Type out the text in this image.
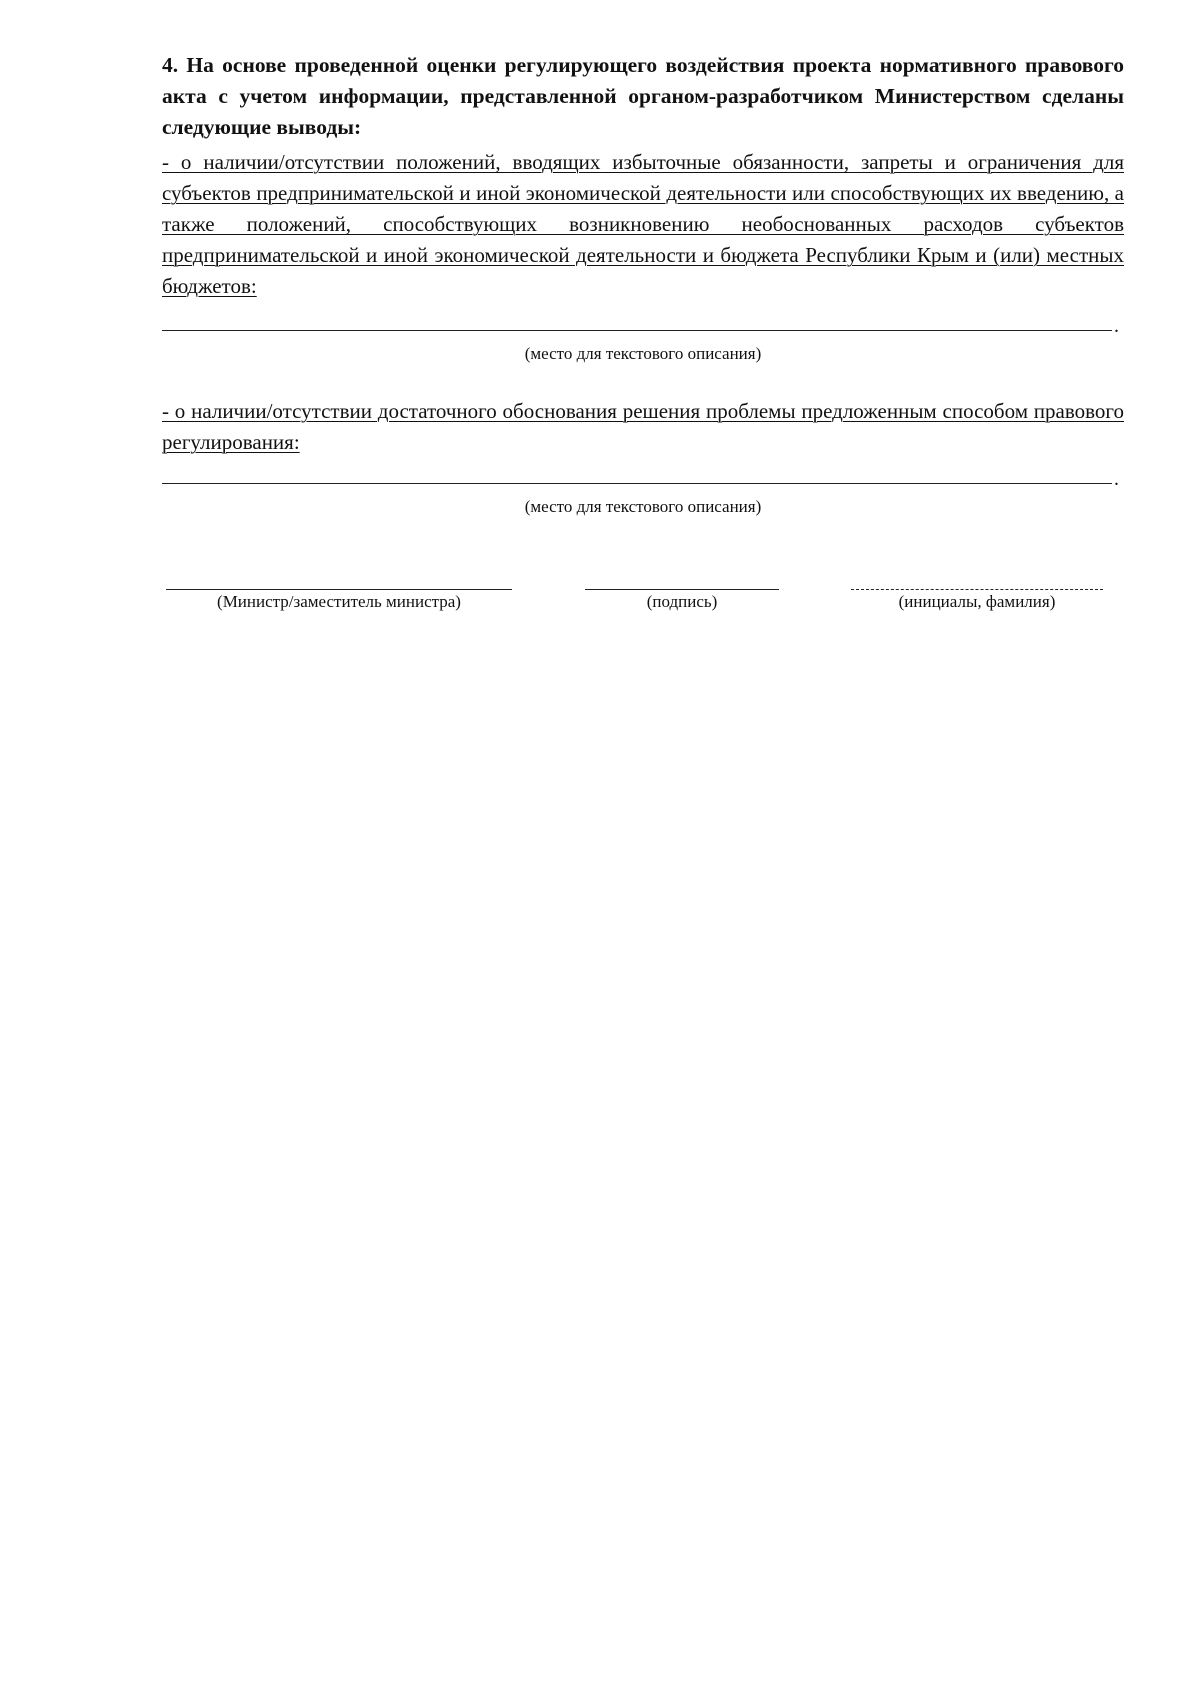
4. На основе проведенной оценки регулирующего воздействия проекта нормативного правового акта с учетом информации, представленной органом-разработчиком Министерством сделаны следующие выводы:
- о наличии/отсутствии положений, вводящих избыточные обязанности, запреты и ограничения для субъектов предпринимательской и иной экономической деятельности или способствующих их введению, а также положений, способствующих возникновению необоснованных расходов субъектов предпринимательской и иной экономической деятельности и бюджета Республики Крым и (или) местных бюджетов:
.
(место для текстового описания)
- о наличии/отсутствии достаточного обоснования решения проблемы предложенным способом правового регулирования:
.
(место для текстового описания)
(Министр/заместитель министра)	(подпись)	(инициалы, фамилия)
